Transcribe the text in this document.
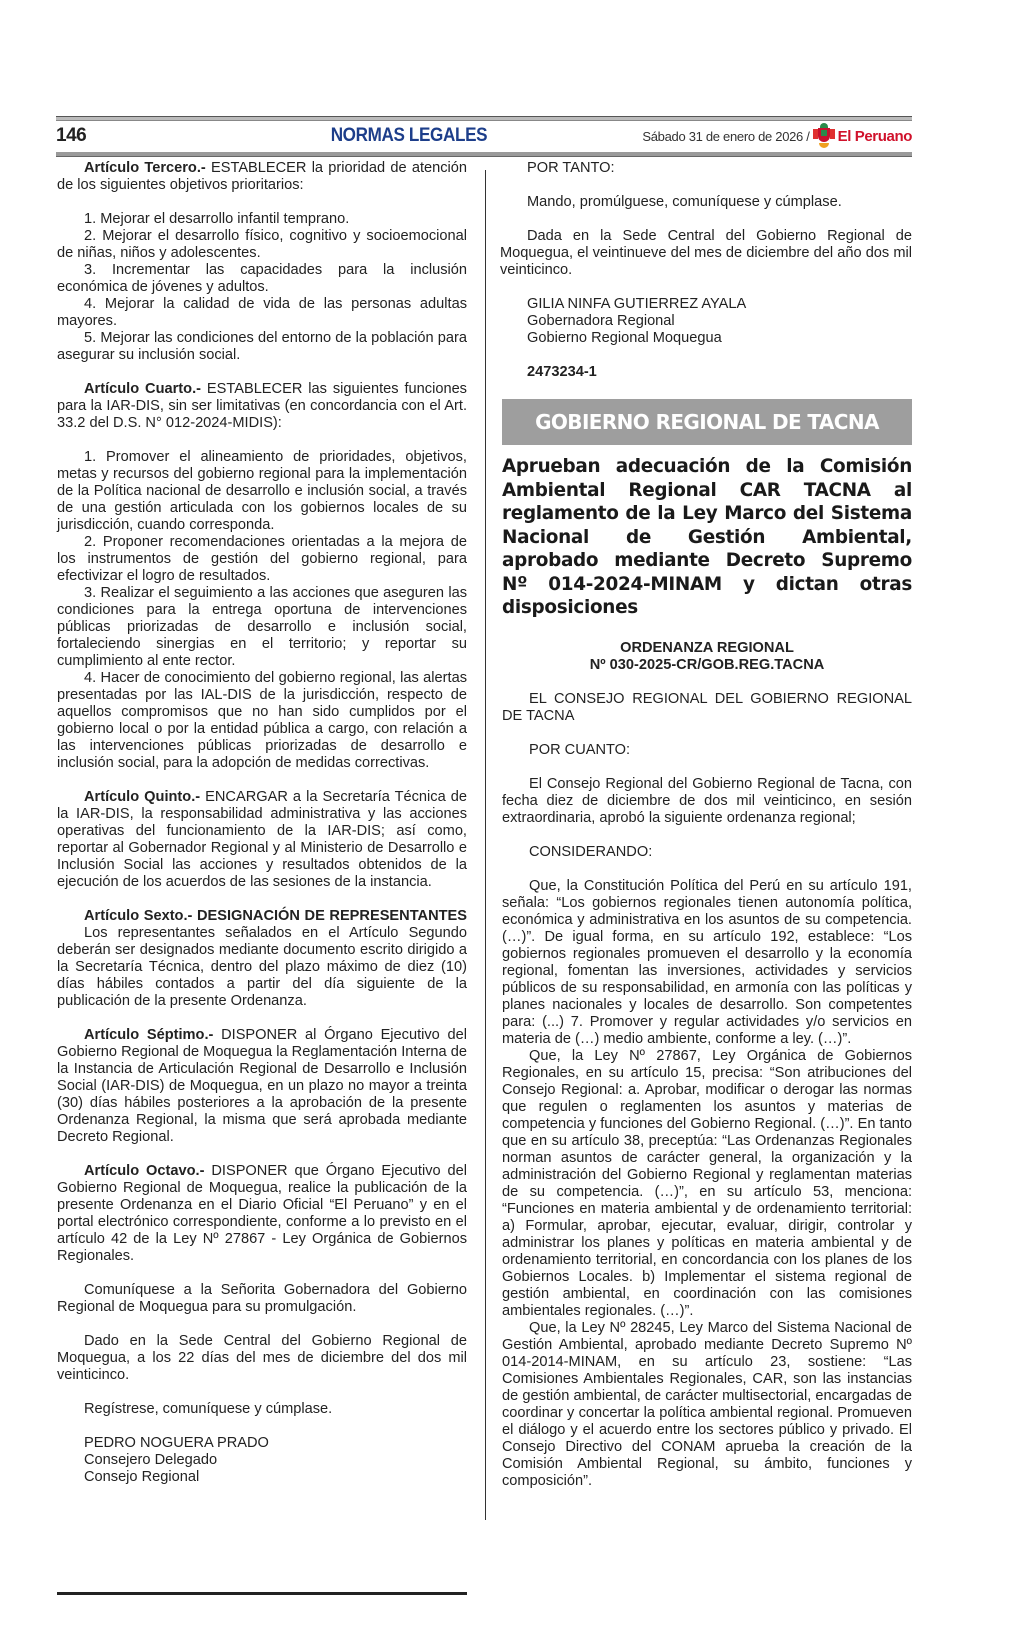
146	NORMAS LEGALES	Sábado 31 de enero de 2026 / El Peruano

Artículo Tercero.- ESTABLECER la prioridad de atención de los siguientes objetivos prioritarios:

1. Mejorar el desarrollo infantil temprano.

2. Mejorar el desarrollo físico, cognitivo y socioemocional de niñas, niños y adolescentes.

3. Incrementar las capacidades para la inclusión económica de jóvenes y adultos.

4. Mejorar la calidad de vida de las personas adultas mayores.

5. Mejorar las condiciones del entorno de la población para asegurar su inclusión social.

Artículo Cuarto.- ESTABLECER las siguientes funciones para la IAR-DIS, sin ser limitativas (en concordancia con el Art. 33.2 del D.S. N° 012-2024-MIDIS):

1. Promover el alineamiento de prioridades, objetivos, metas y recursos del gobierno regional para la implementación de la Política nacional de desarrollo e inclusión social, a través de una gestión articulada con los gobiernos locales de su jurisdicción, cuando corresponda.

2. Proponer recomendaciones orientadas a la mejora de los instrumentos de gestión del gobierno regional, para efectivizar el logro de resultados.

3. Realizar el seguimiento a las acciones que aseguren las condiciones para la entrega oportuna de intervenciones públicas priorizadas de desarrollo e inclusión social, fortaleciendo sinergias en el territorio; y reportar su cumplimiento al ente rector.

4. Hacer de conocimiento del gobierno regional, las alertas presentadas por las IAL-DIS de la jurisdicción, respecto de aquellos compromisos que no han sido cumplidos por el gobierno local o por la entidad pública a cargo, con relación a las intervenciones públicas priorizadas de desarrollo e inclusión social, para la adopción de medidas correctivas.

Artículo Quinto.- ENCARGAR a la Secretaría Técnica de la IAR-DIS, la responsabilidad administrativa y las acciones operativas del funcionamiento de la IAR-DIS; así como, reportar al Gobernador Regional y al Ministerio de Desarrollo e Inclusión Social las acciones y resultados obtenidos de la ejecución de los acuerdos de las sesiones de la instancia.

Artículo Sexto.- DESIGNACIÓN DE REPRESENTANTES

Los representantes señalados en el Artículo Segundo deberán ser designados mediante documento escrito dirigido a la Secretaría Técnica, dentro del plazo máximo de diez (10) días hábiles contados a partir del día siguiente de la publicación de la presente Ordenanza.

Artículo Séptimo.- DISPONER al Órgano Ejecutivo del Gobierno Regional de Moquegua la Reglamentación Interna de la Instancia de Articulación Regional de Desarrollo e Inclusión Social (IAR-DIS) de Moquegua, en un plazo no mayor a treinta (30) días hábiles posteriores a la aprobación de la presente Ordenanza Regional, la misma que será aprobada mediante Decreto Regional.

Artículo Octavo.- DISPONER que Órgano Ejecutivo del Gobierno Regional de Moquegua, realice la publicación de la presente Ordenanza en el Diario Oficial “El Peruano” y en el portal electrónico correspondiente, conforme a lo previsto en el artículo 42 de la Ley Nº 27867 - Ley Orgánica de Gobiernos Regionales.

Comuníquese a la Señorita Gobernadora del Gobierno Regional de Moquegua para su promulgación.

Dado en la Sede Central del Gobierno Regional de Moquegua, a los 22 días del mes de diciembre del dos mil veinticinco.

Regístrese, comuníquese y cúmplase.

PEDRO NOGUERA PRADO

Consejero Delegado

Consejo Regional

POR TANTO:

Mando, promúlguese, comuníquese y cúmplase.

Dada en la Sede Central del Gobierno Regional de Moquegua, el veintinueve del mes de diciembre del año dos mil veinticinco.

GILIA NINFA GUTIERREZ AYALA

Gobernadora Regional

Gobierno Regional Moquegua

2473234-1

GOBIERNO REGIONAL DE TACNA
Aprueban adecuación de la Comisión Ambiental Regional CAR TACNA al reglamento de la Ley Marco del Sistema Nacional de Gestión Ambiental, aprobado mediante Decreto Supremo Nº 014-2024-MINAM y dictan otras disposiciones
ORDENANZA REGIONAL
Nº 030-2025-CR/GOB.REG.TACNA

EL CONSEJO REGIONAL DEL GOBIERNO REGIONAL DE TACNA

POR CUANTO:

El Consejo Regional del Gobierno Regional de Tacna, con fecha diez de diciembre de dos mil veinticinco, en sesión extraordinaria, aprobó la siguiente ordenanza regional;

CONSIDERANDO:

Que, la Constitución Política del Perú en su artículo 191, señala: “Los gobiernos regionales tienen autonomía política, económica y administrativa en los asuntos de su competencia. (…)”. De igual forma, en su artículo 192, establece: “Los gobiernos regionales promueven el desarrollo y la economía regional, fomentan las inversiones, actividades y servicios públicos de su responsabilidad, en armonía con las políticas y planes nacionales y locales de desarrollo. Son competentes para: (...) 7. Promover y regular actividades y/o servicios en materia de (…) medio ambiente, conforme a ley. (…)”.

Que, la Ley Nº 27867, Ley Orgánica de Gobiernos Regionales, en su artículo 15, precisa: “Son atribuciones del Consejo Regional: a. Aprobar, modificar o derogar las normas que regulen o reglamenten los asuntos y materias de competencia y funciones del Gobierno Regional. (…)”. En tanto que en su artículo 38, preceptúa: “Las Ordenanzas Regionales norman asuntos de carácter general, la organización y la administración del Gobierno Regional y reglamentan materias de su competencia. (…)”, en su artículo 53, menciona: “Funciones en materia ambiental y de ordenamiento territorial: a) Formular, aprobar, ejecutar, evaluar, dirigir, controlar y administrar los planes y políticas en materia ambiental y de ordenamiento territorial, en concordancia con los planes de los Gobiernos Locales. b) Implementar el sistema regional de gestión ambiental, en coordinación con las comisiones ambientales regionales. (…)”.

Que, la Ley Nº 28245, Ley Marco del Sistema Nacional de Gestión Ambiental, aprobado mediante Decreto Supremo Nº 014-2014-MINAM, en su artículo 23, sostiene: “Las Comisiones Ambientales Regionales, CAR, son las instancias de gestión ambiental, de carácter multisectorial, encargadas de coordinar y concertar la política ambiental regional. Promueven el diálogo y el acuerdo entre los sectores público y privado. El Consejo Directivo del CONAM aprueba la creación de la Comisión Ambiental Regional, su ámbito, funciones y composición”.
